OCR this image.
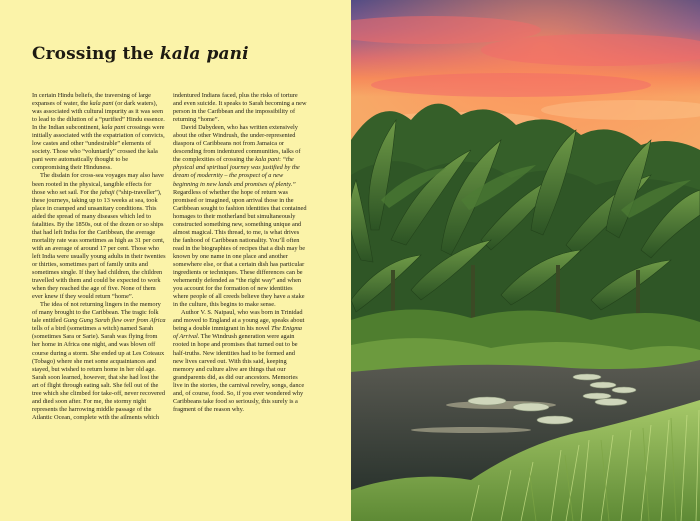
Crossing the kala pani

In certain Hindu beliefs, the traversing of large expanses of water, the kala pani (or dark waters), was associated with cultural impurity as it was seen to lead to the dilution of a “purified” Hindu essence. In the Indian subcontinent, kala pani crossings were initially associated with the expatriation of convicts, low castes and other “undesirable” elements of society. Those who “voluntarily” crossed the kala pani were automatically thought to be compromising their Hinduness.

The disdain for cross-sea voyages may also have been rooted in the physical, tangible effects for those who set sail. For the jahaji (“ship-traveller”), these journeys, taking up to 13 weeks at sea, took place in cramped and unsanitary conditions. This aided the spread of many diseases which led to fatalities. By the 1850s, out of the dozen or so ships that had left India for the Caribbean, the average mortality rate was sometimes as high as 31 per cent, with an average of around 17 per cent. Those who left India were usually young adults in their twenties or thirties, sometimes part of family units and sometimes single. If they had children, the children travelled with them and could be expected to work when they reached the age of five. None of them ever knew if they would return “home”.

The idea of not returning lingers in the memory of many brought to the Caribbean. The tragic folk tale entitled Gung Gung Sarah flew over from Africa tells of a bird (sometimes a witch) named Sarah (sometimes Sara or Sarie). Sarah was flying from her home in Africa one night, and was blown off course during a storm. She ended up at Les Coteaux (Tobago) where she met some acquaintances and stayed, but wished to return home in her old age. Sarah soon learned, however, that she had lost the art of flight through eating salt. She fell out of the tree which she climbed for take-off, never recovered and died soon after. For me, the stormy night represents the harrowing middle passage of the Atlantic Ocean, complete with the ailments which

indentured Indians faced, plus the risks of torture and even suicide. It speaks to Sarah becoming a new person in the Caribbean and the impossibility of returning “home”.

David Dabydeen, who has written extensively about the other Windrush, the under-represented diaspora of Caribbeans not from Jamaica or descending from indentured communities, talks of the complexities of crossing the kala pani: “the physical and spiritual journey was justified by the dream of modernity – the prospect of a new beginning in new lands and promises of plenty.” Regardless of whether the hope of return was promised or imagined, upon arrival those in the Caribbean sought to fashion identities that contained homages to their motherland but simultaneously constructed something new, something unique and almost magical. This thread, to me, is what drives the fanhood of Caribbean nationality. You’ll often read in the biographies of recipes that a dish may be known by one name in one place and another somewhere else, or that a certain dish has particular ingredients or techniques. These differences can be vehemently defended as “the right way” and when you account for the formation of new identities where people of all creeds believe they have a stake in the culture, this begins to make sense.

Author V. S. Naipaul, who was born in Trinidad and moved to England at a young age, speaks about being a double immigrant in his novel The Enigma of Arrival. The Windrush generation were again rooted in hope and promises that turned out to be half-truths. New identities had to be formed and new lives carved out. With this said, keeping memory and culture alive are things that our grandparents did, as did our ancestors. Memories live in the stories, the carnival revelry, songs, dance and, of course, food. So, if you ever wondered why Caribbeans take food so seriously, this surely is a fragment of the reason why.
